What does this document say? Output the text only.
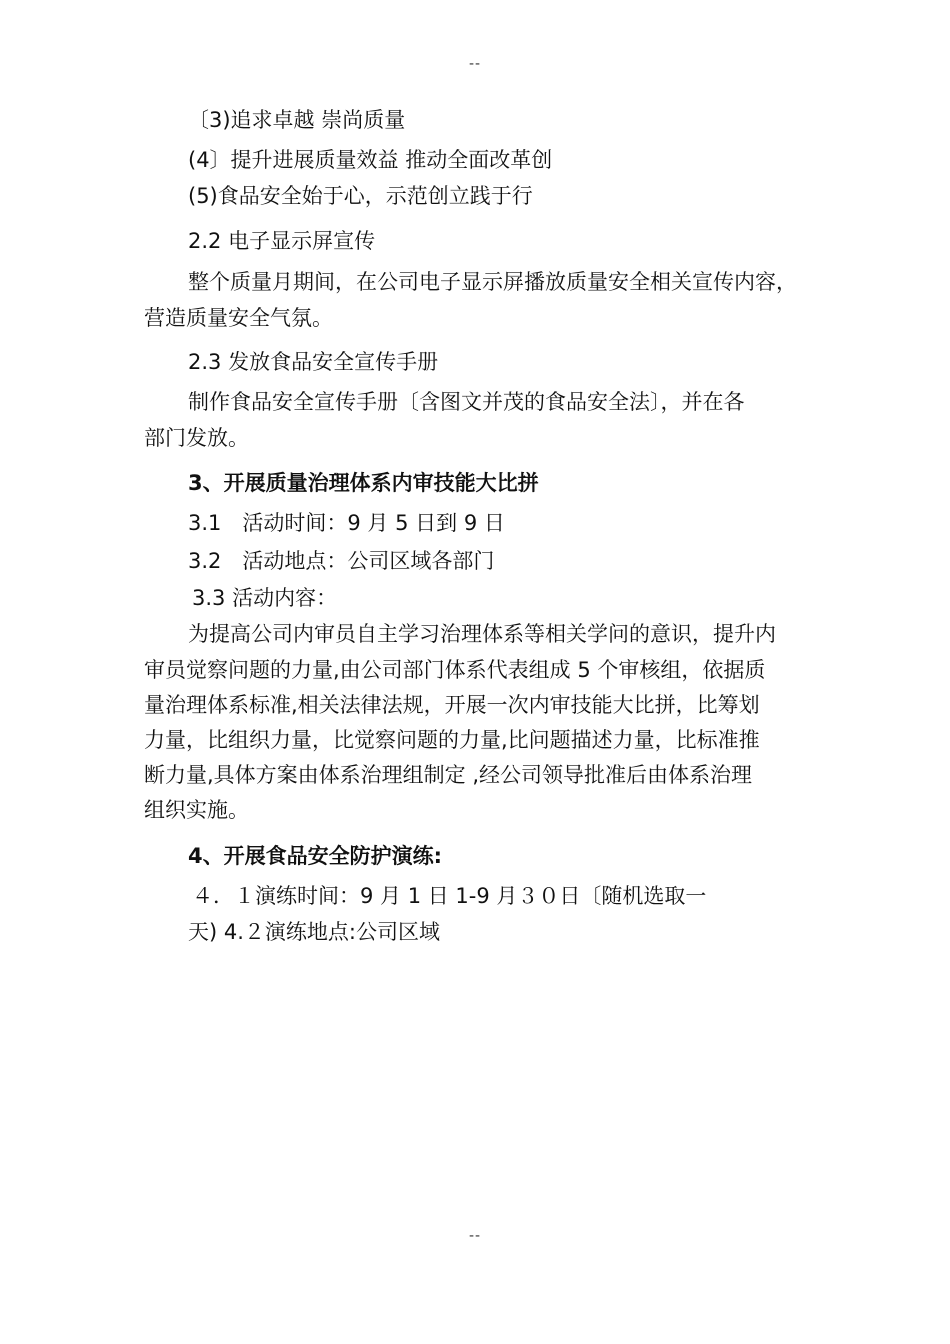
--
〔3)追求卓越 崇尚质量
(4〕提升进展质量效益 推动全面改革创
(5)食品安全始于心，示范创立践于行
2.2 电子显示屏宣传
整个质量月期间，在公司电子显示屏播放质量安全相关宣传内容，
营造质量安全气氛。
2.3 发放食品安全宣传手册
制作食品安全宣传手册〔含图文并茂的食品安全法〕，并在各
部门发放。
3、开展质量治理体系内审技能大比拼
3.1　活动时间：9 月 5 日到 9 日
3.2　活动地点：公司区域各部门
3.3 活动内容：
为提高公司内审员自主学习治理体系等相关学问的意识，提升内
审员觉察问题的力量,由公司部门体系代表组成 5 个审核组，依据质
量治理体系标准,相关法律法规，开展一次内审技能大比拼，比筹划
力量，比组织力量，比觉察问题的力量,比问题描述力量，比标准推
断力量,具体方案由体系治理组制定 ,经公司领导批准后由体系治理
组织实施。
4、开展食品安全防护演练:
４．１演练时间：9 月 1 日 1-9 月３０日〔随机选取一
天) 4.２演练地点:公司区域
--
